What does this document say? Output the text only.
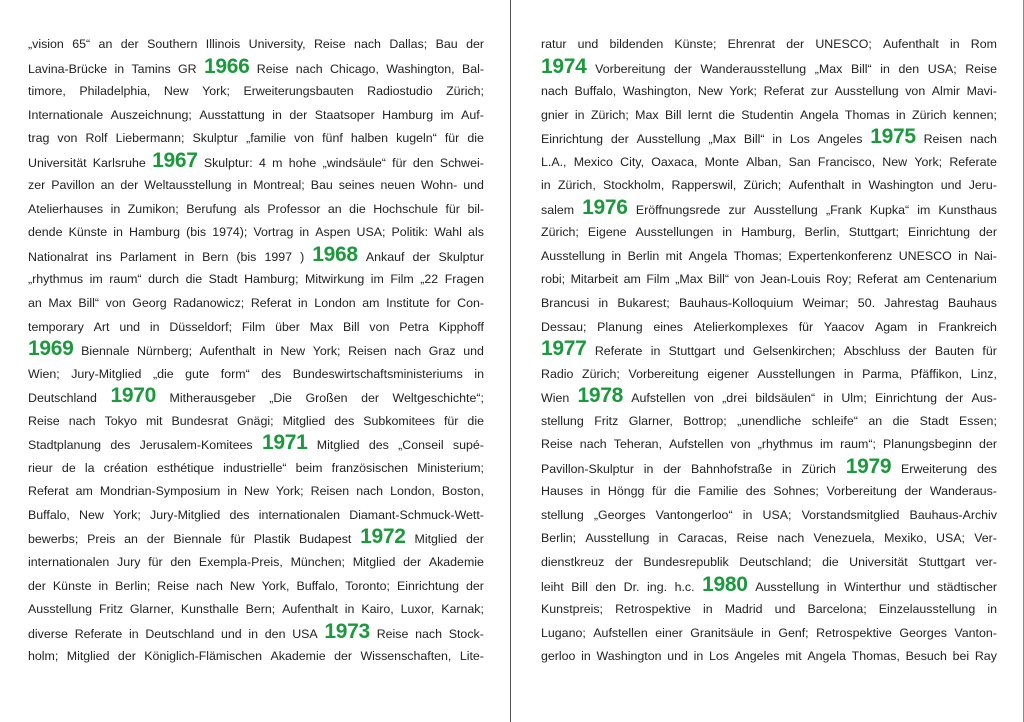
„vision 65“ an der Southern Illinois University, Reise nach Dallas; Bau der
Lavina-Brücke in Tamins GR 1966 Reise nach Chicago, Washington, Bal-
timore, Philadelphia, New York; Erweiterungsbauten Radiostudio Zürich;
Internationale Auszeichnung; Ausstattung in der Staatsoper Hamburg im Auf-
trag von Rolf Liebermann; Skulptur „familie von fünf halben kugeln“ für die
Universität Karlsruhe 1967 Skulptur: 4 m hohe „windsäule“ für den Schwei-
zer Pavillon an der Weltausstellung in Montreal; Bau seines neuen Wohn- und
Atelierhauses in Zumikon; Berufung als Professor an die Hochschule für bil-
dende Künste in Hamburg (bis 1974); Vortrag in Aspen USA; Politik: Wahl als
Nationalrat ins Parlament in Bern (bis 1997 ) 1968 Ankauf der Skulptur
„rhythmus im raum“ durch die Stadt Hamburg; Mitwirkung im Film „22 Fragen
an Max Bill“ von Georg Radanowicz; Referat in London am Institute for Con-
temporary Art und in Düsseldorf; Film über Max Bill von Petra Kipphoff
1969 Biennale Nürnberg; Aufenthalt in New York; Reisen nach Graz und
Wien; Jury-Mitglied „die gute form“ des Bundeswirtschaftsministeriums in
Deutschland 1970 Mitherausgeber „Die Großen der Weltgeschichte“;
Reise nach Tokyo mit Bundesrat Gnägi; Mitglied des Subkomitees für die
Stadtplanung des Jerusalem-Komitees 1971 Mitglied des „Conseil supé-
rieur de la création esthétique industrielle“ beim französischen Ministerium;
Referat am Mondrian-Symposium in New York; Reisen nach London, Boston,
Buffalo, New York; Jury-Mitglied des internationalen Diamant-Schmuck-Wett-
bewerbs; Preis an der Biennale für Plastik Budapest 1972 Mitglied der
internationalen Jury für den Exempla-Preis, München; Mitglied der Akademie
der Künste in Berlin; Reise nach New York, Buffalo, Toronto; Einrichtung der
Ausstellung Fritz Glarner, Kunsthalle Bern; Aufenthalt in Kairo, Luxor, Karnak;
diverse Referate in Deutschland und in den USA 1973 Reise nach Stock-
holm; Mitglied der Königlich-Flämischen Akademie der Wissenschaften, Lite-
ratur und bildenden Künste; Ehrenrat der UNESCO; Aufenthalt in Rom
1974 Vorbereitung der Wanderausstellung „Max Bill“ in den USA; Reise
nach Buffalo, Washington, New York; Referat zur Ausstellung von Almir Mavi-
gnier in Zürich; Max Bill lernt die Studentin Angela Thomas in Zürich kennen;
Einrichtung der Ausstellung „Max Bill“ in Los Angeles 1975 Reisen nach
L.A., Mexico City, Oaxaca, Monte Alban, San Francisco, New York; Referate
in Zürich, Stockholm, Rapperswil, Zürich; Aufenthalt in Washington und Jeru-
salem 1976 Eröffnungsrede zur Ausstellung „Frank Kupka“ im Kunsthaus
Zürich; Eigene Ausstellungen in Hamburg, Berlin, Stuttgart; Einrichtung der
Ausstellung in Berlin mit Angela Thomas; Expertenkonferenz UNESCO in Nai-
robi; Mitarbeit am Film „Max Bill“ von Jean-Louis Roy; Referat am Centenarium
Brancusi in Bukarest; Bauhaus-Kolloquium Weimar; 50. Jahrestag Bauhaus
Dessau; Planung eines Atelierkomplexes für Yaacov Agam in Frankreich
1977 Referate in Stuttgart und Gelsenkirchen; Abschluss der Bauten für
Radio Zürich; Vorbereitung eigener Ausstellungen in Parma, Pfäffikon, Linz,
Wien 1978 Aufstellen von „drei bildsäulen“ in Ulm; Einrichtung der Aus-
stellung Fritz Glarner, Bottrop; „unendliche schleife“ an die Stadt Essen;
Reise nach Teheran, Aufstellen von „rhythmus im raum“; Planungsbeginn der
Pavillon-Skulptur in der Bahnhofstraße in Zürich 1979 Erweiterung des
Hauses in Höngg für die Familie des Sohnes; Vorbereitung der Wanderaus-
stellung „Georges Vantongerloo“ in USA; Vorstandsmitglied Bauhaus-Archiv
Berlin; Ausstellung in Caracas, Reise nach Venezuela, Mexiko, USA; Ver-
dienstkreuz der Bundesrepublik Deutschland; die Universität Stuttgart ver-
leiht Bill den Dr. ing. h.c. 1980 Ausstellung in Winterthur und städtischer
Kunstpreis; Retrospektive in Madrid und Barcelona; Einzelausstellung in
Lugano; Aufstellen einer Granitsäule in Genf; Retrospektive Georges Vanton-
gerloo in Washington und in Los Angeles mit Angela Thomas, Besuch bei Ray
